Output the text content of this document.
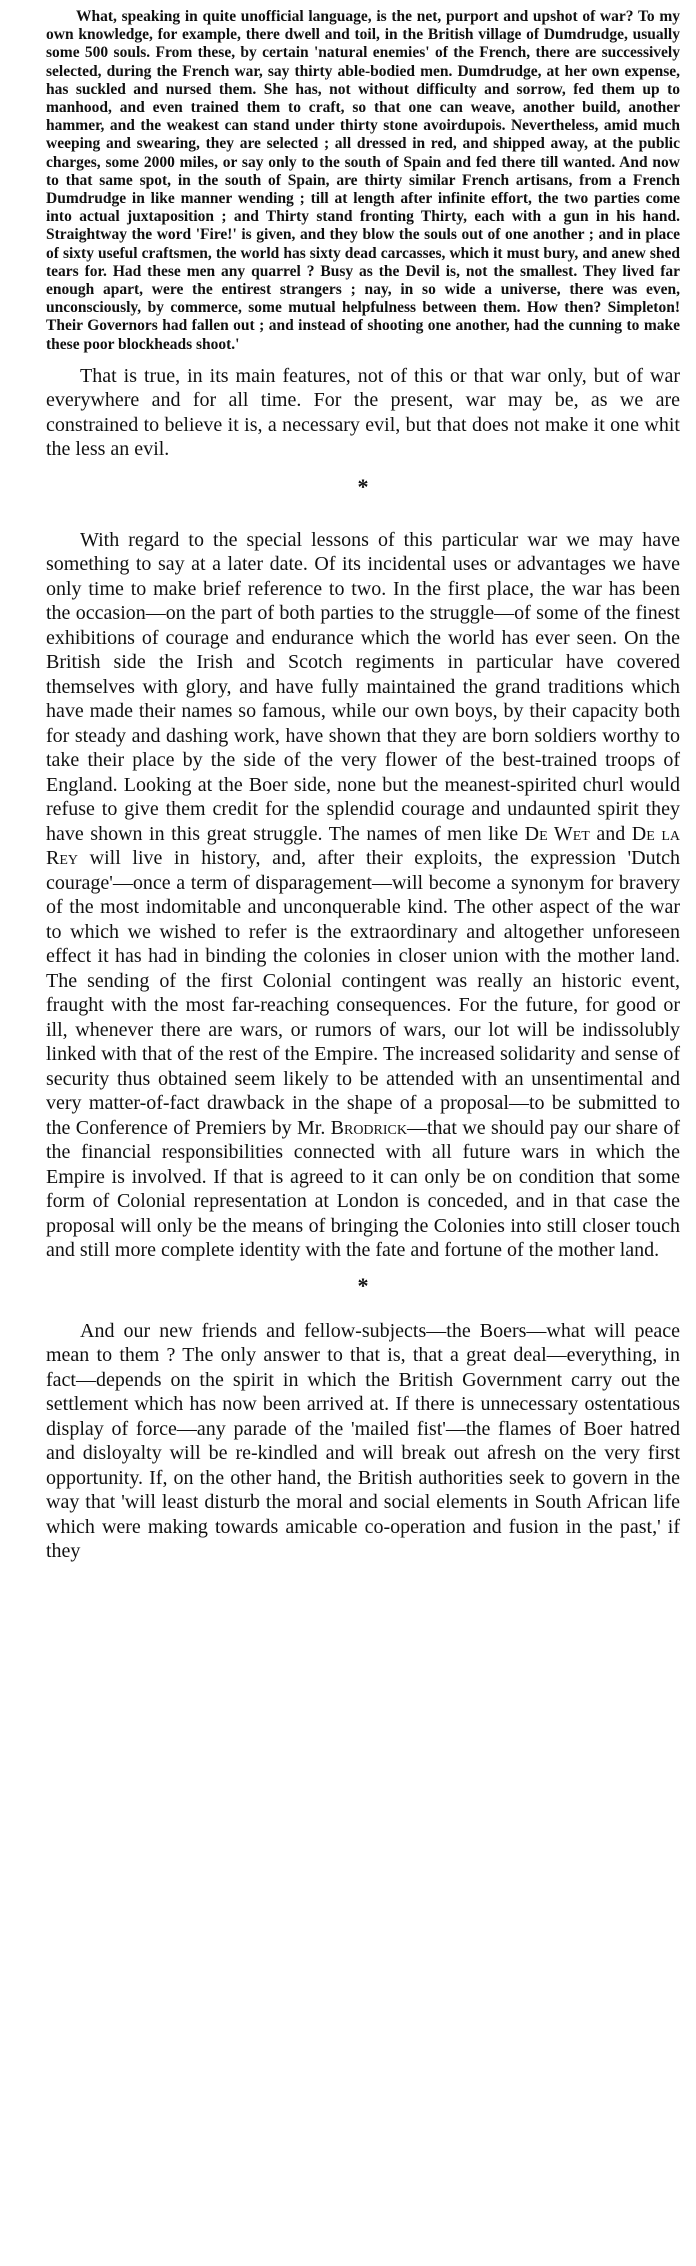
What, speaking in quite unofficial language, is the net, purport and upshot of war? To my own knowledge, for example, there dwell and toil, in the British village of Dumdrudge, usually some 500 souls. From these, by certain 'natural enemies' of the French, there are successively selected, during the French war, say thirty able-bodied men. Dumdrudge, at her own expense, has suckled and nursed them. She has, not without difficulty and sorrow, fed them up to manhood, and even trained them to craft, so that one can weave, another build, another hammer, and the weakest can stand under thirty stone avoirdupois. Nevertheless, amid much weeping and swearing, they are selected ; all dressed in red, and shipped away, at the public charges, some 2000 miles, or say only to the south of Spain and fed there till wanted. And now to that same spot, in the south of Spain, are thirty similar French artisans, from a French Dumdrudge in like manner wending ; till at length after infinite effort, the two parties come into actual juxtaposition ; and Thirty stand fronting Thirty, each with a gun in his hand. Straightway the word 'Fire!' is given, and they blow the souls out of one another ; and in place of sixty useful craftsmen, the world has sixty dead carcasses, which it must bury, and anew shed tears for. Had these men any quarrel ? Busy as the Devil is, not the smallest. They lived far enough apart, were the entirest strangers ; nay, in so wide a universe, there was even, unconsciously, by commerce, some mutual helpfulness between them. How then? Simpleton! Their Governors had fallen out ; and instead of shooting one another, had the cunning to make these poor blockheads shoot.'

That is true, in its main features, not of this or that war only, but of war everywhere and for all time. For the present, war may be, as we are constrained to believe it is, a necessary evil, but that does not make it one whit the less an evil.

*

With regard to the special lessons of this particular war we may have something to say at a later date. Of its incidental uses or advantages we have only time to make brief reference to two. In the first place, the war has been the occasion—on the part of both parties to the struggle—of some of the finest exhibitions of courage and endurance which the world has ever seen. On the British side the Irish and Scotch regiments in particular have covered themselves with glory, and have fully maintained the grand traditions which have made their names so famous, while our own boys, by their capacity both for steady and dashing work, have shown that they are born soldiers worthy to take their place by the side of the very flower of the best-trained troops of England. Looking at the Boer side, none but the meanest-spirited churl would refuse to give them credit for the splendid courage and undaunted spirit they have shown in this great struggle. The names of men like De Wet and De la Rey will live in history, and, after their exploits, the expression 'Dutch courage'—once a term of disparagement—will become a synonym for bravery of the most indomitable and unconquerable kind. The other aspect of the war to which we wished to refer is the extraordinary and altogether unforeseen effect it has had in binding the colonies in closer union with the mother land. The sending of the first Colonial contingent was really an historic event, fraught with the most far-reaching consequences. For the future, for good or ill, whenever there are wars, or rumors of wars, our lot will be indissolubly linked with that of the rest of the Empire. The increased solidarity and sense of security thus obtained seem likely to be attended with an unsentimental and very matter-of-fact drawback in the shape of a proposal—to be submitted to the Conference of Premiers by Mr. Brodrick—that we should pay our share of the financial responsibilities connected with all future wars in which the Empire is involved. If that is agreed to it can only be on condition that some form of Colonial representation at London is conceded, and in that case the proposal will only be the means of bringing the Colonies into still closer touch and still more complete identity with the fate and fortune of the mother land.

*

And our new friends and fellow-subjects—the Boers—what will peace mean to them ? The only answer to that is, that a great deal—everything, in fact—depends on the spirit in which the British Government carry out the settlement which has now been arrived at. If there is unnecessary ostentatious display of force—any parade of the 'mailed fist'—the flames of Boer hatred and disloyalty will be re-kindled and will break out afresh on the very first opportunity. If, on the other hand, the British authorities seek to govern in the way that 'will least disturb the moral and social elements in South African life which were making towards amicable co-operation and fusion in the past,' if they
